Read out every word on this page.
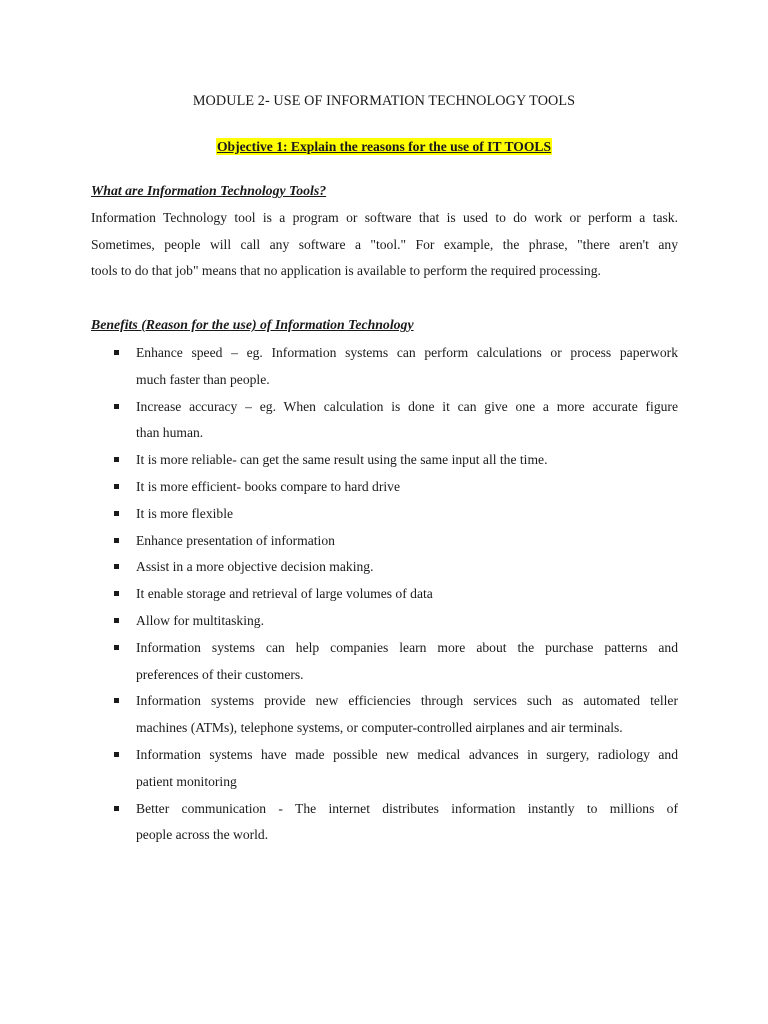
MODULE 2- USE OF INFORMATION TECHNOLOGY TOOLS
Objective 1: Explain the reasons for the use of IT TOOLS
What are Information Technology Tools?
Information Technology tool is a program or software that is used to do work or perform a task.
Sometimes, people will call any software a "tool." For example, the phrase, "there aren't any
tools to do that job" means that no application is available to perform the required processing.
Benefits (Reason for the use) of Information Technology
Enhance speed – eg. Information systems can perform calculations or process paperwork
much faster than people.
Increase accuracy – eg. When calculation is done it can give one a more accurate figure
than human.
It is more reliable- can get the same result using the same input all the time.
It is more efficient- books compare to hard drive
It is more flexible
Enhance presentation of information
Assist in a more objective decision making.
It enable storage and retrieval of large volumes of data
Allow for multitasking.
Information systems can help companies learn more about the purchase patterns and
preferences of their customers.
Information systems provide new efficiencies through services such as automated teller
machines (ATMs), telephone systems, or computer-controlled airplanes and air terminals.
Information systems have made possible new medical advances in surgery, radiology and
patient monitoring
Better communication - The internet distributes information instantly to millions of
people across the world.
